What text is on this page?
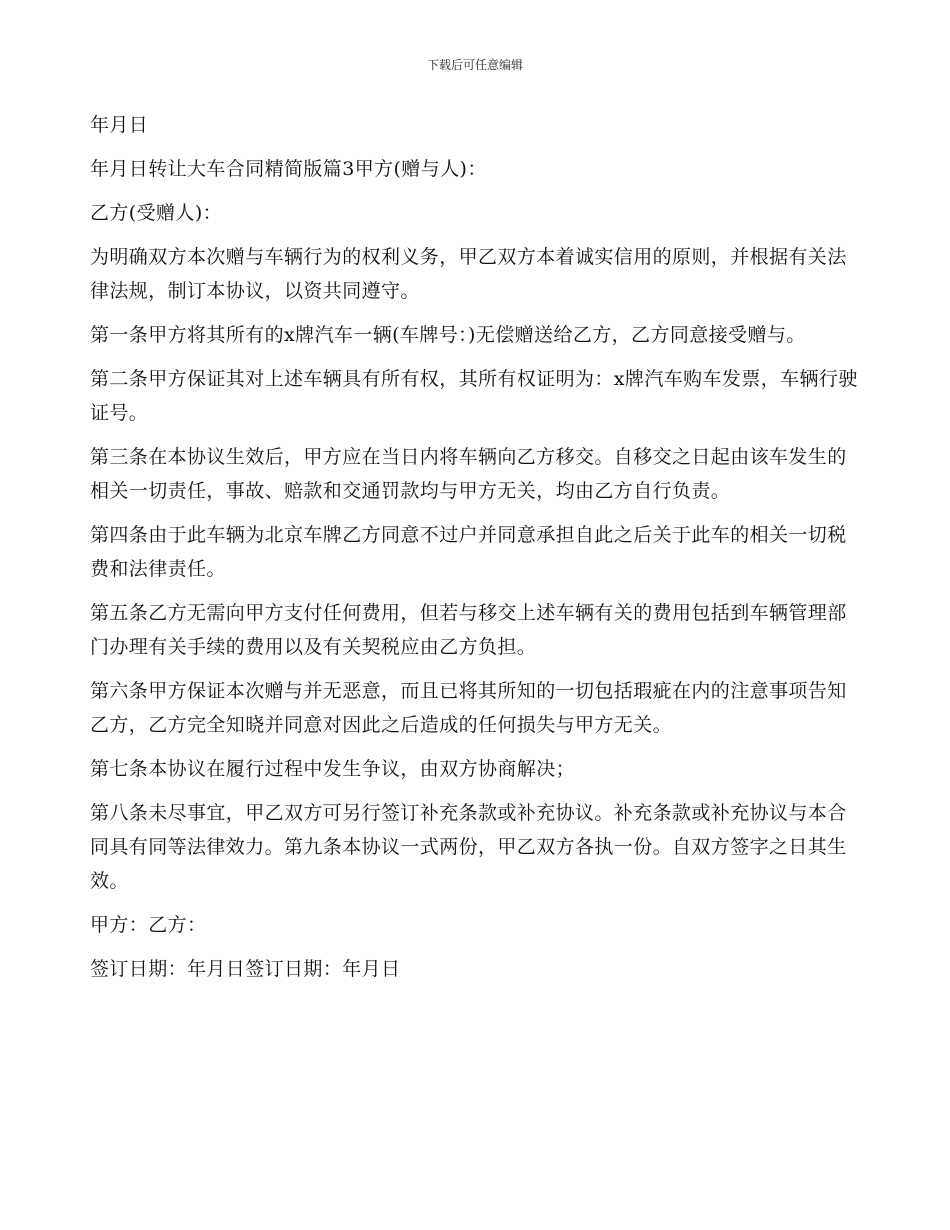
下载后可任意编辑

年月日

年月日转让大车合同精简版篇3甲方(赠与人)：

乙方(受赠人)：

为明确双方本次赠与车辆行为的权利义务，甲乙双方本着诚实信用的原则，并根据有关法律法规，制订本协议，以资共同遵守。

第一条甲方将其所有的x牌汽车一辆(车牌号：)无偿赠送给乙方，乙方同意接受赠与。

第二条甲方保证其对上述车辆具有所有权，其所有权证明为：x牌汽车购车发票，车辆行驶证号。

第三条在本协议生效后，甲方应在当日内将车辆向乙方移交。自移交之日起由该车发生的相关一切责任，事故、赔款和交通罚款均与甲方无关，均由乙方自行负责。

第四条由于此车辆为北京车牌乙方同意不过户并同意承担自此之后关于此车的相关一切税费和法律责任。

第五条乙方无需向甲方支付任何费用，但若与移交上述车辆有关的费用包括到车辆管理部门办理有关手续的费用以及有关契税应由乙方负担。

第六条甲方保证本次赠与并无恶意，而且已将其所知的一切包括瑕疵在内的注意事项告知乙方，乙方完全知晓并同意对因此之后造成的任何损失与甲方无关。

第七条本协议在履行过程中发生争议，由双方协商解决；

第八条未尽事宜，甲乙双方可另行签订补充条款或补充协议。补充条款或补充协议与本合同具有同等法律效力。第九条本协议一式两份，甲乙双方各执一份。自双方签字之日其生效。

甲方：乙方：

签订日期：年月日签订日期：年月日
